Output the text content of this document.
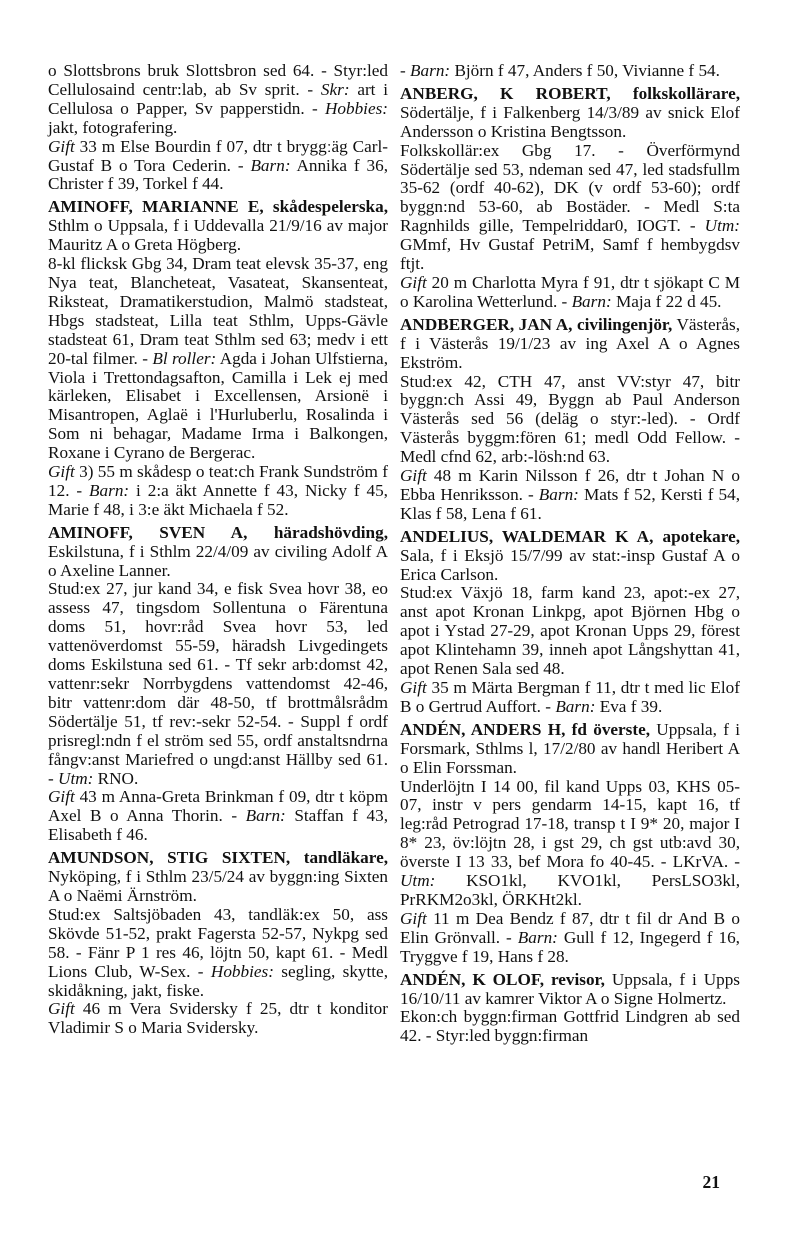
o Slottsbrons bruk Slottsbron sed 64. - Styr:led Cellulosaind centr:lab, ab Sv sprit. - Skr: art i Cellulosa o Papper, Sv papperstidn. - Hobbies: jakt, fotografering.

Gift 33 m Else Bourdin f 07, dtr t bryggːäg Carl-Gustaf B o Tora Cederin. - Barn: Annika f 36, Christer f 39, Torkel f 44.

AMINOFF, MARIANNE E, skådespelerska, Sthlm o Uppsala, f i Uddevalla 21/9/16 av major Mauritz A o Greta Högberg.

8-kl flicksk Gbg 34, Dram teat elevsk 35-37, eng Nya teat, Blancheteat, Vasateat, Skansenteat, Riksteat, Dramatikerstudion, Malmö stadsteat, Hbgs stadsteat, Lilla teat Sthlm, Upps-Gävle stadsteat 61, Dram teat Sthlm sed 63; medv i ett 20-tal filmer. - Bl roller: Agda i Johan Ulfstierna, Viola i Trettondagsafton, Camilla i Lek ej med kärleken, Elisabet i Excellensen, Arsionë i Misantropen, Aglaë i l'Hurluberlu, Rosalinda i Som ni behagar, Madame Irma i Balkongen, Roxane i Cyrano de Bergerac.

Gift 3) 55 m skådesp o teat:ch Frank Sundström f 12. - Barn: i 2:a äkt Annette f 43, Nicky f 45, Marie f 48, i 3:e äkt Michaela f 52.

AMINOFF, SVEN A, häradshövding, Eskilstuna, f i Sthlm 22/4/09 av civiling Adolf A o Axeline Lanner.

Stud:ex 27, jur kand 34, e fisk Svea hovr 38, eo assess 47, tingsdom Sollentuna o Färentuna doms 51, hovr:råd Svea hovr 53, led vattenöverdomst 55-59, häradsh Livgedingets doms Eskilstuna sed 61. - Tf sekr arb:domst 42, vattenr:sekr Norrbygdens vattendomst 42-46, bitr vattenr:dom där 48-50, tf brottmålsrådm Södertälje 51, tf rev:-sekr 52-54. - Suppl f ordf prisregl:ndn f el ström sed 55, ordf anstaltsndrna fångv:anst Mariefred o ungd:anst Hällby sed 61. - Utm: RNO.

Gift 43 m Anna-Greta Brinkman f 09, dtr t köpm Axel B o Anna Thorin. - Barn: Staffan f 43, Elisabeth f 46.

AMUNDSON, STIG SIXTEN, tandläkare, Nyköping, f i Sthlm 23/5/24 av byggn:ing Sixten A o Naëmi Ärnström.

Stud:ex Saltsjöbaden 43, tandläk:ex 50, ass Skövde 51-52, prakt Fagersta 52-57, Nykpg sed 58. - Fänr P 1 res 46, löjtn 50, kapt 61. - Medl Lions Club, W-Sex. - Hobbies: segling, skytte, skidåkning, jakt, fiske.

Gift 46 m Vera Svidersky f 25, dtr t konditor Vladimir S o Maria Svidersky.

- Barn: Björn f 47, Anders f 50, Vivianne f 54.

ANBERG, K ROBERT, folkskollärare, Södertälje, f i Falkenberg 14/3/89 av snick Elof Andersson o Kristina Bengtsson.

Folkskollär:ex Gbg 17. - Överförmynd Södertälje sed 53, ndeman sed 47, led stadsfullm 35-62 (ordf 40-62), DK (v ordf 53-60); ordf byggn:nd 53-60, ab Bostäder. - Medl S:ta Ragnhilds gille, Tempelriddar0, IOGT. - Utm: GMmf, Hv Gustaf PetriM, Samf f hembygdsv ftjt.

Gift 20 m Charlotta Myra f 91, dtr t sjökapt C M o Karolina Wetterlund. - Barn: Maja f 22 d 45.

ANDBERGER, JAN A, civilingenjör, Västerås, f i Västerås 19/1/23 av ing Axel A o Agnes Ekström.

Stud:ex 42, CTH 47, anst VV:styr 47, bitr byggn:ch Assi 49, Byggn ab Paul Anderson Västerås sed 56 (deläg o styr:-led). - Ordf Västerås byggm:fören 61; medl Odd Fellow. - Medl cfnd 62, arb:-lösh:nd 63.

Gift 48 m Karin Nilsson f 26, dtr t Johan N o Ebba Henriksson. - Barn: Mats f 52, Kersti f 54, Klas f 58, Lena f 61.

ANDELIUS, WALDEMAR K A, apotekare, Sala, f i Eksjö 15/7/99 av stat:-insp Gustaf A o Erica Carlson.

Stud:ex Växjö 18, farm kand 23, apot:-ex 27, anst apot Kronan Linkpg, apot Björnen Hbg o apot i Ystad 27-29, apot Kronan Upps 29, förest apot Klintehamn 39, inneh apot Långshyttan 41, apot Renen Sala sed 48.

Gift 35 m Märta Bergman f 11, dtr t med lic Elof B o Gertrud Auffort. - Barn: Eva f 39.

ANDÉN, ANDERS H, fd överste, Uppsala, f i Forsmark, Sthlms l, 17/2/80 av handl Heribert A o Elin Forssman.

Underlöjtn I 14 00, fil kand Upps 03, KHS 05-07, instr v pers gendarm 14-15, kapt 16, tf leg:råd Petrograd 17-18, transp t I 9* 20, major I 8* 23, öv:löjtn 28, i gst 29, ch gst utb:avd 30, överste I 13 33, bef Mora fo 40-45. - LKrVA. - Utm: KSO1kl, KVO1kl, PersLSO3kl, PrRKM2o3kl, ÖRKHt2kl.

Gift 11 m Dea Bendz f 87, dtr t fil dr And B o Elin Grönvall. - Barn: Gull f 12, Ingegerd f 16, Tryggve f 19, Hans f 28.

ANDÉN, K OLOF, revisor, Uppsala, f i Upps 16/10/11 av kamrer Viktor A o Signe Holmertz.

Ekon:ch byggn:firman Gottfrid Lindgren ab sed 42. - Styr:led byggn:firman

21
